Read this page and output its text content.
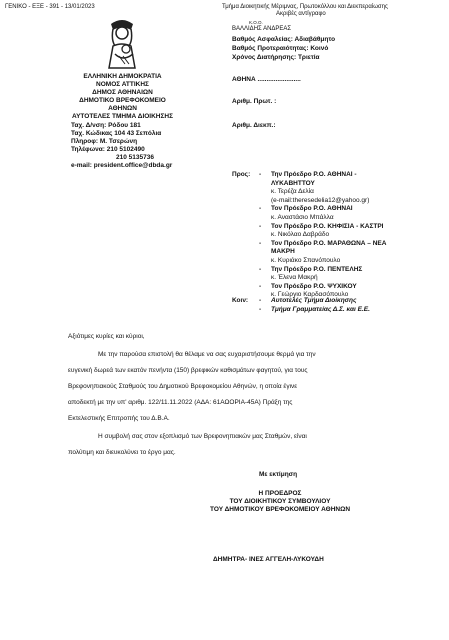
ΓΕΝΙΚΟ - ΕΞΕ - 391 - 13/01/2023	Τμήμα Διοικητικής Μέριμνας, Πρωτοκόλλου και Διεκπεραίωσης
Ακριβές αντίγραφο
Κ.Ο.Ο.
ΒΑΛΛΙΔΗΣ ΑΝΔΡΕΑΣ
Βαθμός Ασφαλείας: Αδιαβάθμητο
Βαθμός Προτεραιότητας: Κοινό
Χρόνος Διατήρησης: Τριετία
ΕΛΛΗΝΙΚΗ ΔΗΜΟΚΡΑΤΙΑ
ΝΟΜΟΣ ΑΤΤΙΚΗΣ
ΔΗΜΟΣ ΑΘΗΝΑΙΩΝ
ΔΗΜΟΤΙΚΟ ΒΡΕΦΟΚΟΜΕΙΟ
ΑΘΗΝΩΝ
ΑΥΤΟΤΕΛΕΣ ΤΜΗΜΑ ΔΙΟΙΚΗΣΗΣ
Ταχ. Δ/νση: Ρόδου 181
Ταχ. Κώδικας 104 43 Σεπόλια
Πληροφ: Μ. Τσερώνη
Τηλέφωνα: 210 5102490
210 5135736
e-mail: president.office@dbda.gr
ΑΘΗΝΑ ........................
Αριθμ. Πρωτ. :
Αριθμ. Διεκπ.:
Προς: -	Την Πρόεδρο Ρ.Ο. ΑΘΗΝΑΙ -
ΛΥΚΑΒΗΤΤΟΥ
κ. Τερέζα Δελία
(e-mail:theresedelia12@yahoo.gr)
-	Τον Πρόεδρο Ρ.Ο. ΑΘΗΝΑΙ
κ. Αναστάσιο Μπάλλα
-	Τον Πρόεδρο Ρ.Ο. ΚΗΦΙΣΙΑ - ΚΑΣΤΡΙ
κ. Νικόλαο Δαβράδο
-	Τον Πρόεδρο Ρ.Ο. ΜΑΡΑΘΩΝΑ – ΝΕΑ
ΜΑΚΡΗ
κ. Κυριάκο Σπανόπουλο
-	Την Πρόεδρο Ρ.Ο. ΠΕΝΤΕΛΗΣ
κ. Έλενα Μακρή
-	Τον Πρόεδρο Ρ.Ο. ΨΥΧΙΚΟΥ
κ. Γεώργιο Καρδασόπουλο
Κοιν: -	Αυτοτελές Τμήμα Διοίκησης
-	Τμήμα Γραμματείας Δ.Σ. και Ε.Ε.
Αξιότιμες κυρίες και κύριοι,
Με την παρούσα επιστολή θα θέλαμε να σας ευχαριστήσουμε θερμά για την
ευγενική δωρεά των εκατόν πενήντα (150) βρεφικών καθισμάτων φαγητού, για τους
Βρεφονηπιακούς Σταθμούς του Δημοτικού Βρεφοκομείου Αθηνών, η οποία έγινε
αποδεκτή με την υπ' αριθμ. 122/11.11.2022 (ΑΔΑ: 61ΑΩΟΡΙΑ-45Α) Πράξη της
Εκτελεστικής Επιτροπής του Δ.Β.Α.
Η συμβολή σας στον εξοπλισμό των Βρεφονηπιακών μας Σταθμών, είναι
πολύτιμη και διευκολύνει το έργο μας.
Με εκτίμηση
Η ΠΡΟΕΔΡΟΣ
ΤΟΥ ΔΙΟΙΚΗΤΙΚΟΥ ΣΥΜΒΟΥΛΙΟΥ
ΤΟΥ ΔΗΜΟΤΙΚΟΥ ΒΡΕΦΟΚΟΜΕΙΟΥ ΑΘΗΝΩΝ
ΔΗΜΗΤΡΑ- ΙΝΕΣ ΑΓΓΕΛΗ-ΛΥΚΟΥΔΗ
